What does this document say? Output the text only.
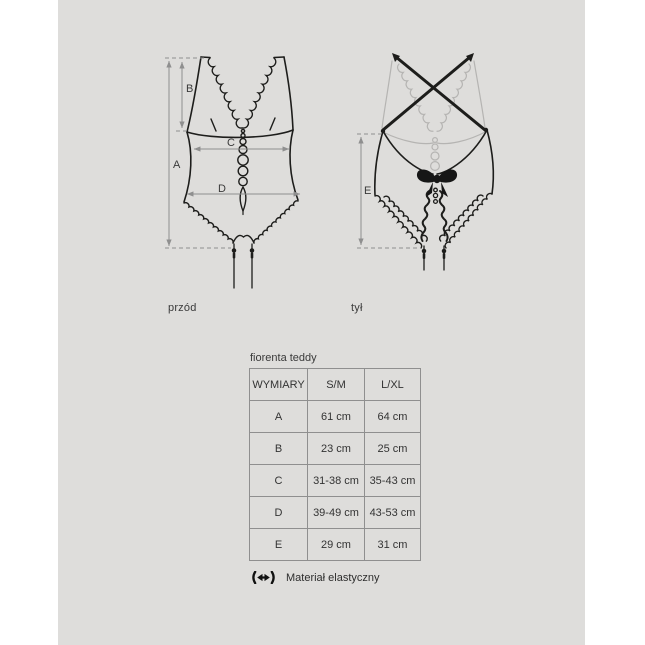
A
B
C
D	E
przód	tył
fiorenta teddy
WYMIARY	S/M	L/XL
A	61 cm	64 cm
B	23 cm	25 cm
C	31-38 cm	35-43 cm
D	39-49 cm	43-53 cm
E	29 cm	31 cm
Materiał elastyczny
